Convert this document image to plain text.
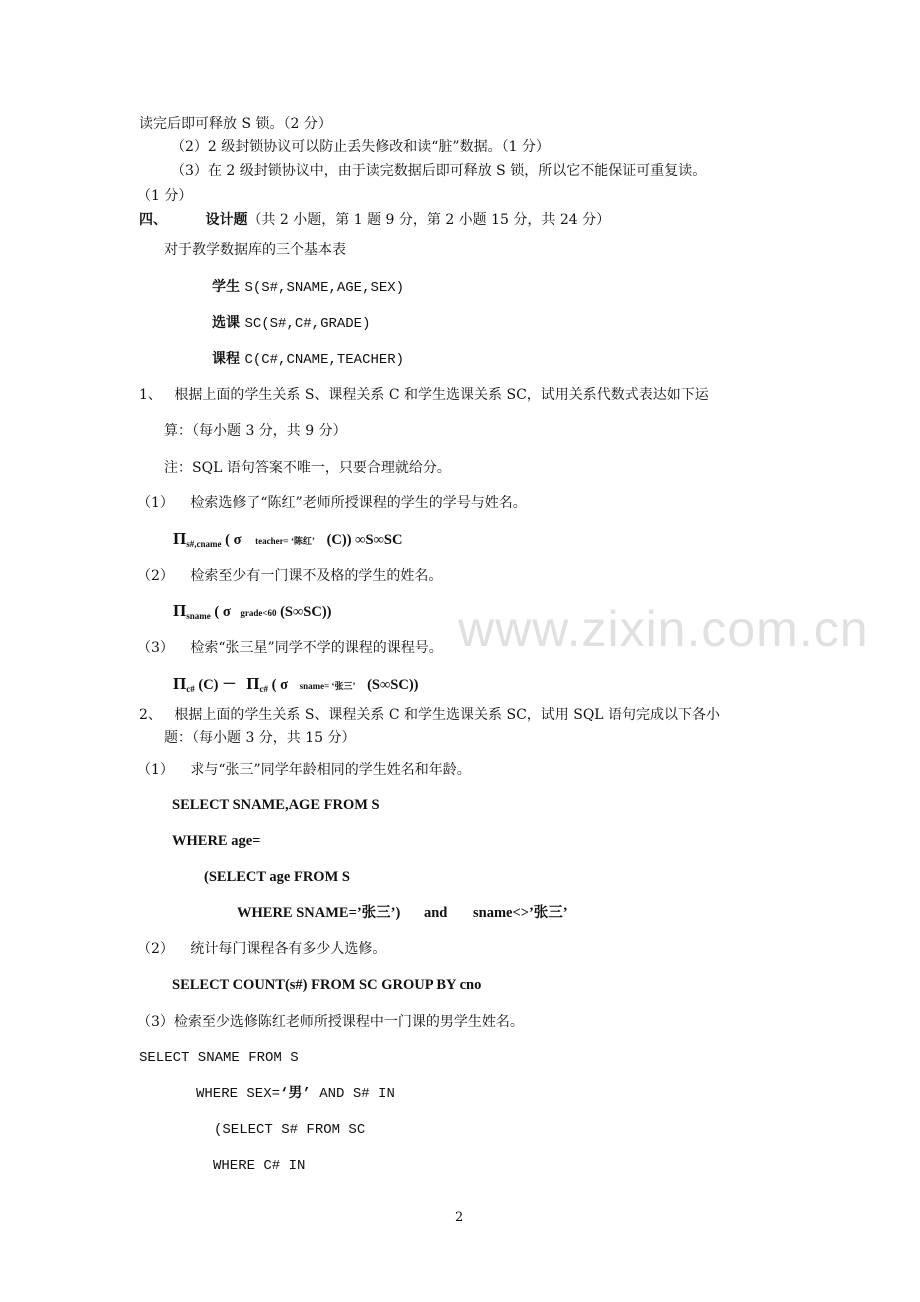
www.zixin.com.cn
读完后即可释放 S 锁。（2 分）
（2）2 级封锁协议可以防止丢失修改和读“脏”数据。（1 分）
（3）在 2 级封锁协议中，由于读完数据后即可释放 S 锁，所以它不能保证可重复读。
（1 分）
四、	设计题（共 2 小题，第 1 题 9 分，第 2 小题 15 分，共 24 分）
对于教学数据库的三个基本表
学生 S(S#,SNAME,AGE,SEX)
选课 SC(S#,C#,GRADE)
课程 C(C#,CNAME,TEACHER)
1、 根据上面的学生关系 S、课程关系 C 和学生选课关系 SC，试用关系代数式表达如下运
算：（每小题 3 分，共 9 分）
注：SQL 语句答案不唯一，只要合理就给分。
（1） 检索选修了“陈红”老师所授课程的学生的学号与姓名。
$\Pi_{s\#,cname}$ ( σ teacher= ‘陈红’ (C)) ∞S∞SC
（2） 检索至少有一门课不及格的学生的姓名。
$\Pi_{sname}$ ( σ grade<60 (S∞SC))
（3） 检索“张三星”同学不学的课程的课程号。
$\Pi_{c\#}$ $(C) - \Pi_{c\#}$ ( σ sname= ‘张三’ (S∞SC))
2、 根据上面的学生关系 S、课程关系 C 和学生选课关系 SC，试用 SQL 语句完成以下各小
题：（每小题 3 分，共 15 分）
（1） 求与“张三”同学年龄相同的学生姓名和年龄。
SELECT SNAME,AGE FROM S
WHERE age=
(SELECT age FROM S
WHERE SNAME=’张三’) and sname<>’张三’
（2） 统计每门课程各有多少人选修。
SELECT COUNT(s#) FROM SC GROUP BY cno
（3）检索至少选修陈红老师所授课程中一门课的男学生姓名。
SELECT SNAME FROM S
WHERE SEX=‘男’ AND S# IN
(SELECT S# FROM SC
WHERE C# IN
2
